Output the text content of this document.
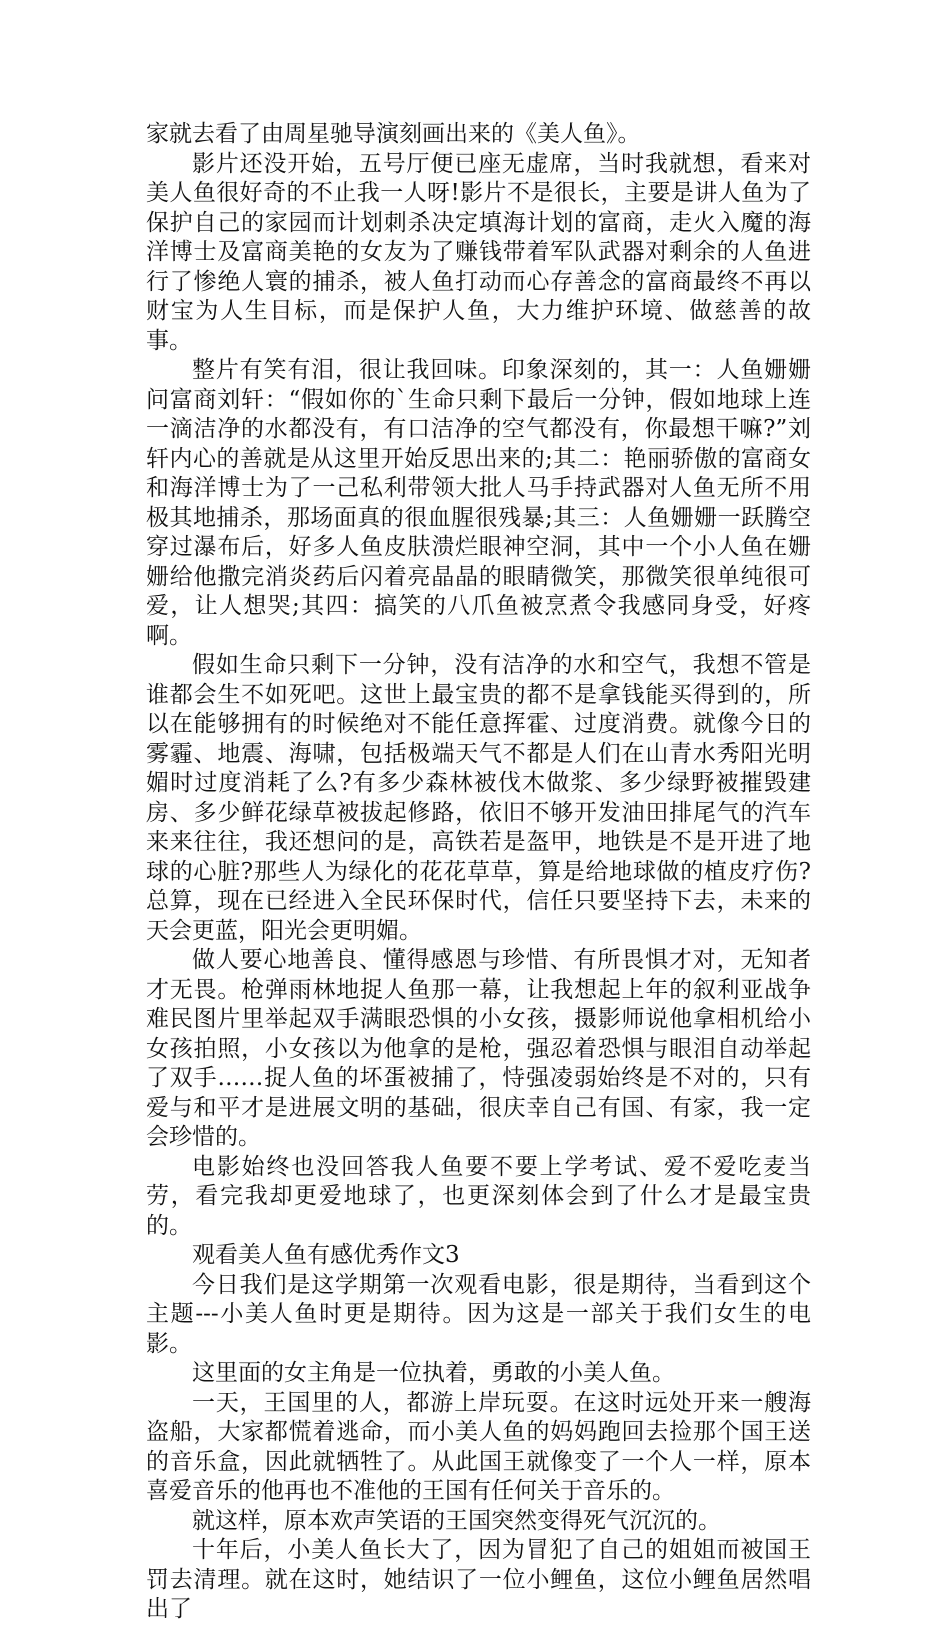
家就去看了由周星驰导演刻画出来的《美人鱼》。

影片还没开始，五号厅便已座无虚席，当时我就想，看来对美人鱼很好奇的不止我一人呀!影片不是很长，主要是讲人鱼为了保护自己的家园而计划刺杀决定填海计划的富商，走火入魔的海洋博士及富商美艳的女友为了赚钱带着军队武器对剩余的人鱼进行了惨绝人寰的捕杀，被人鱼打动而心存善念的富商最终不再以财宝为人生目标，而是保护人鱼，大力维护环境、做慈善的故事。

整片有笑有泪，很让我回味。印象深刻的，其一：人鱼姗姗问富商刘轩：“假如你的`生命只剩下最后一分钟，假如地球上连一滴洁净的水都没有，有口洁净的空气都没有，你最想干嘛?”刘轩内心的善就是从这里开始反思出来的;其二：艳丽骄傲的富商女和海洋博士为了一己私利带领大批人马手持武器对人鱼无所不用极其地捕杀，那场面真的很血腥很残暴;其三：人鱼姗姗一跃腾空穿过瀑布后，好多人鱼皮肤溃烂眼神空洞，其中一个小人鱼在姗姗给他撒完消炎药后闪着亮晶晶的眼睛微笑，那微笑很单纯很可爱，让人想哭;其四：搞笑的八爪鱼被烹煮令我感同身受，好疼啊。

假如生命只剩下一分钟，没有洁净的水和空气，我想不管是谁都会生不如死吧。这世上最宝贵的都不是拿钱能买得到的，所以在能够拥有的时候绝对不能任意挥霍、过度消费。就像今日的雾霾、地震、海啸，包括极端天气不都是人们在山青水秀阳光明媚时过度消耗了么?有多少森林被伐木做浆、多少绿野被摧毁建房、多少鲜花绿草被拔起修路，依旧不够开发油田排尾气的汽车来来往往，我还想问的是，高铁若是盔甲，地铁是不是开进了地球的心脏?那些人为绿化的花花草草，算是给地球做的植皮疗伤?总算，现在已经进入全民环保时代，信任只要坚持下去，未来的天会更蓝，阳光会更明媚。

做人要心地善良、懂得感恩与珍惜、有所畏惧才对，无知者才无畏。枪弹雨林地捉人鱼那一幕，让我想起上年的叙利亚战争难民图片里举起双手满眼恐惧的小女孩，摄影师说他拿相机给小女孩拍照，小女孩以为他拿的是枪，强忍着恐惧与眼泪自动举起了双手……捉人鱼的坏蛋被捕了，恃强凌弱始终是不对的，只有爱与和平才是进展文明的基础，很庆幸自己有国、有家，我一定会珍惜的。

电影始终也没回答我人鱼要不要上学考试、爱不爱吃麦当劳，看完我却更爱地球了，也更深刻体会到了什么才是最宝贵的。

观看美人鱼有感优秀作文3

今日我们是这学期第一次观看电影，很是期待，当看到这个主题---小美人鱼时更是期待。因为这是一部关于我们女生的电影。

这里面的女主角是一位执着，勇敢的小美人鱼。

一天，王国里的人，都游上岸玩耍。在这时远处开来一艘海盗船，大家都慌着逃命，而小美人鱼的妈妈跑回去捡那个国王送的音乐盒，因此就牺牲了。从此国王就像变了一个人一样，原本喜爱音乐的他再也不准他的王国有任何关于音乐的。

就这样，原本欢声笑语的王国突然变得死气沉沉的。

十年后，小美人鱼长大了，因为冒犯了自己的姐姐而被国王罚去清理。就在这时，她结识了一位小鲤鱼，这位小鲤鱼居然唱出了
